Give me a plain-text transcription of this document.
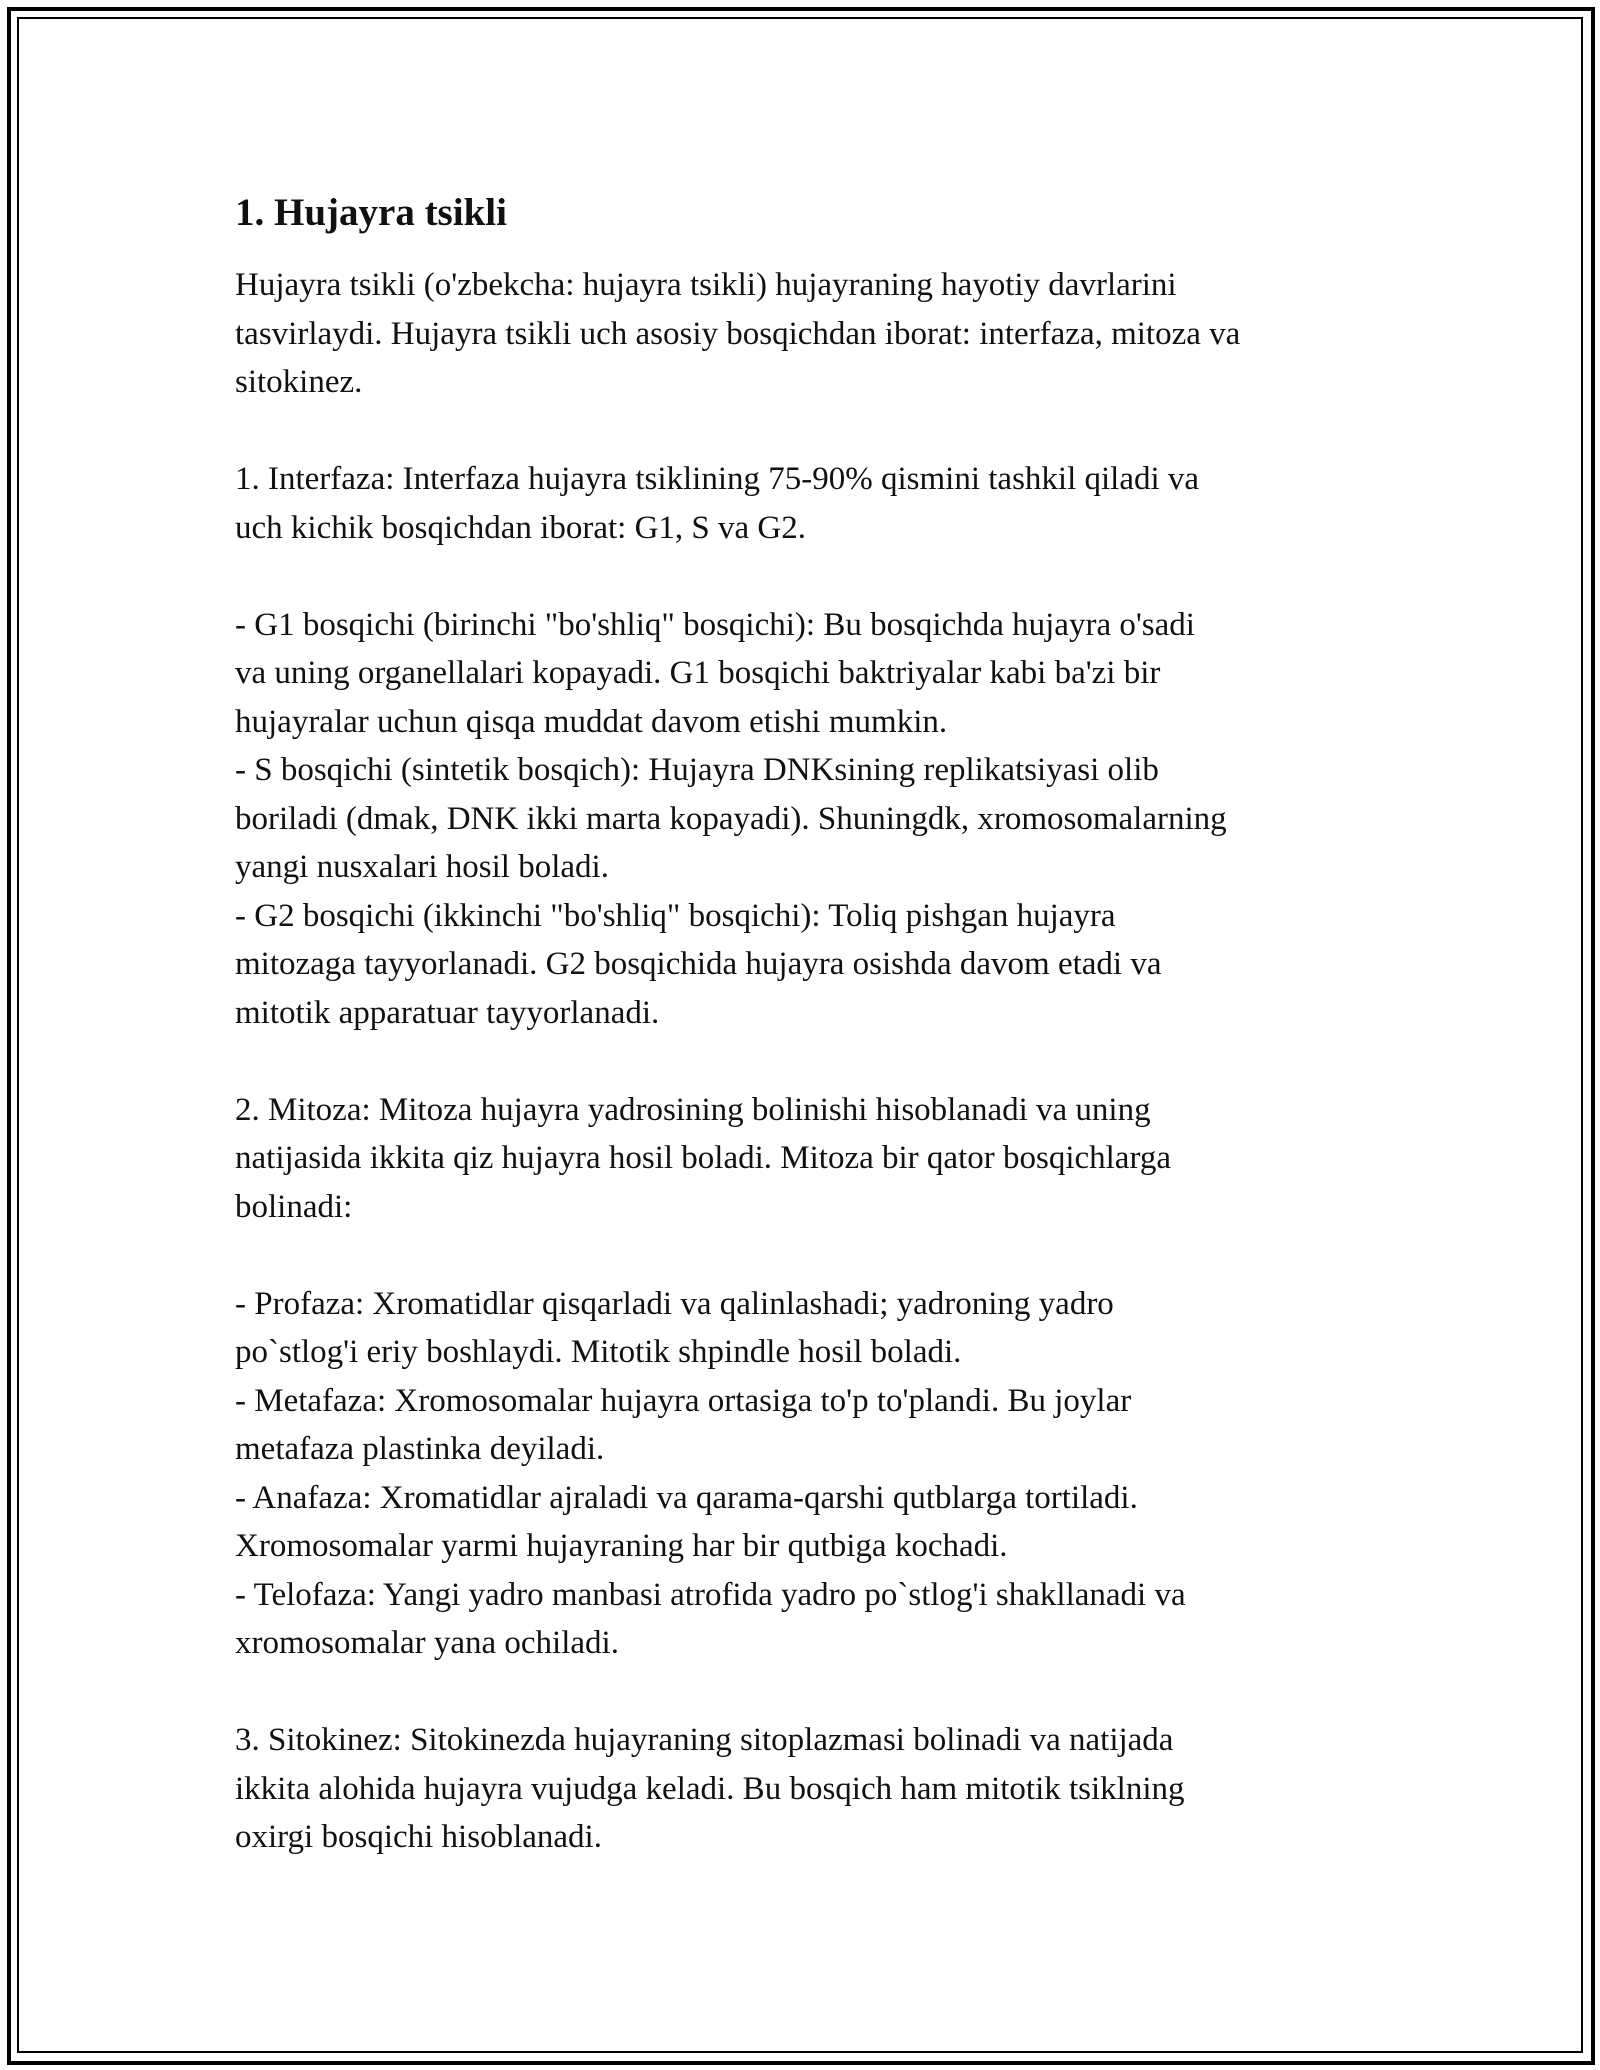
1. Hujayra tsikli

Hujayra tsikli (o'zbekcha: hujayra tsikli) hujayraning hayotiy davrlarini
tasvirlaydi. Hujayra tsikli uch asosiy bosqichdan iborat: interfaza, mitoza va
sitokinez.

1. Interfaza: Interfaza hujayra tsiklining 75-90% qismini tashkil qiladi va
uch kichik bosqichdan iborat: G1, S va G2.

- G1 bosqichi (birinchi "bo'shliq" bosqichi): Bu bosqichda hujayra o'sadi
va uning organellalari kopayadi. G1 bosqichi baktriyalar kabi ba'zi bir
hujayralar uchun qisqa muddat davom etishi mumkin.
- S bosqichi (sintetik bosqich): Hujayra DNKsining replikatsiyasi olib
boriladi (dmak, DNK ikki marta kopayadi). Shuningdk, xromosomalarning
yangi nusxalari hosil boladi.
- G2 bosqichi (ikkinchi "bo'shliq" bosqichi): Toliq pishgan hujayra
mitozaga tayyorlanadi. G2 bosqichida hujayra osishda davom etadi va
mitotik apparatuar tayyorlanadi.

2. Mitoza: Mitoza hujayra yadrosining bolinishi hisoblanadi va uning
natijasida ikkita qiz hujayra hosil boladi. Mitoza bir qator bosqichlarga
bolinadi:

- Profaza: Xromatidlar qisqarladi va qalinlashadi; yadroning yadro
po`stlog'i eriy boshlaydi. Mitotik shpindle hosil boladi.
- Metafaza: Xromosomalar hujayra ortasiga to'p to'plandi. Bu joylar
metafaza plastinka deyiladi.
- Anafaza: Xromatidlar ajraladi va qarama-qarshi qutblarga tortiladi.
Xromosomalar yarmi hujayraning har bir qutbiga kochadi.
- Telofaza: Yangi yadro manbasi atrofida yadro po`stlog'i shakllanadi va
xromosomalar yana ochiladi.

3. Sitokinez: Sitokinezda hujayraning sitoplazmasi bolinadi va natijada
ikkita alohida hujayra vujudga keladi. Bu bosqich ham mitotik tsiklning
oxirgi bosqichi hisoblanadi.
